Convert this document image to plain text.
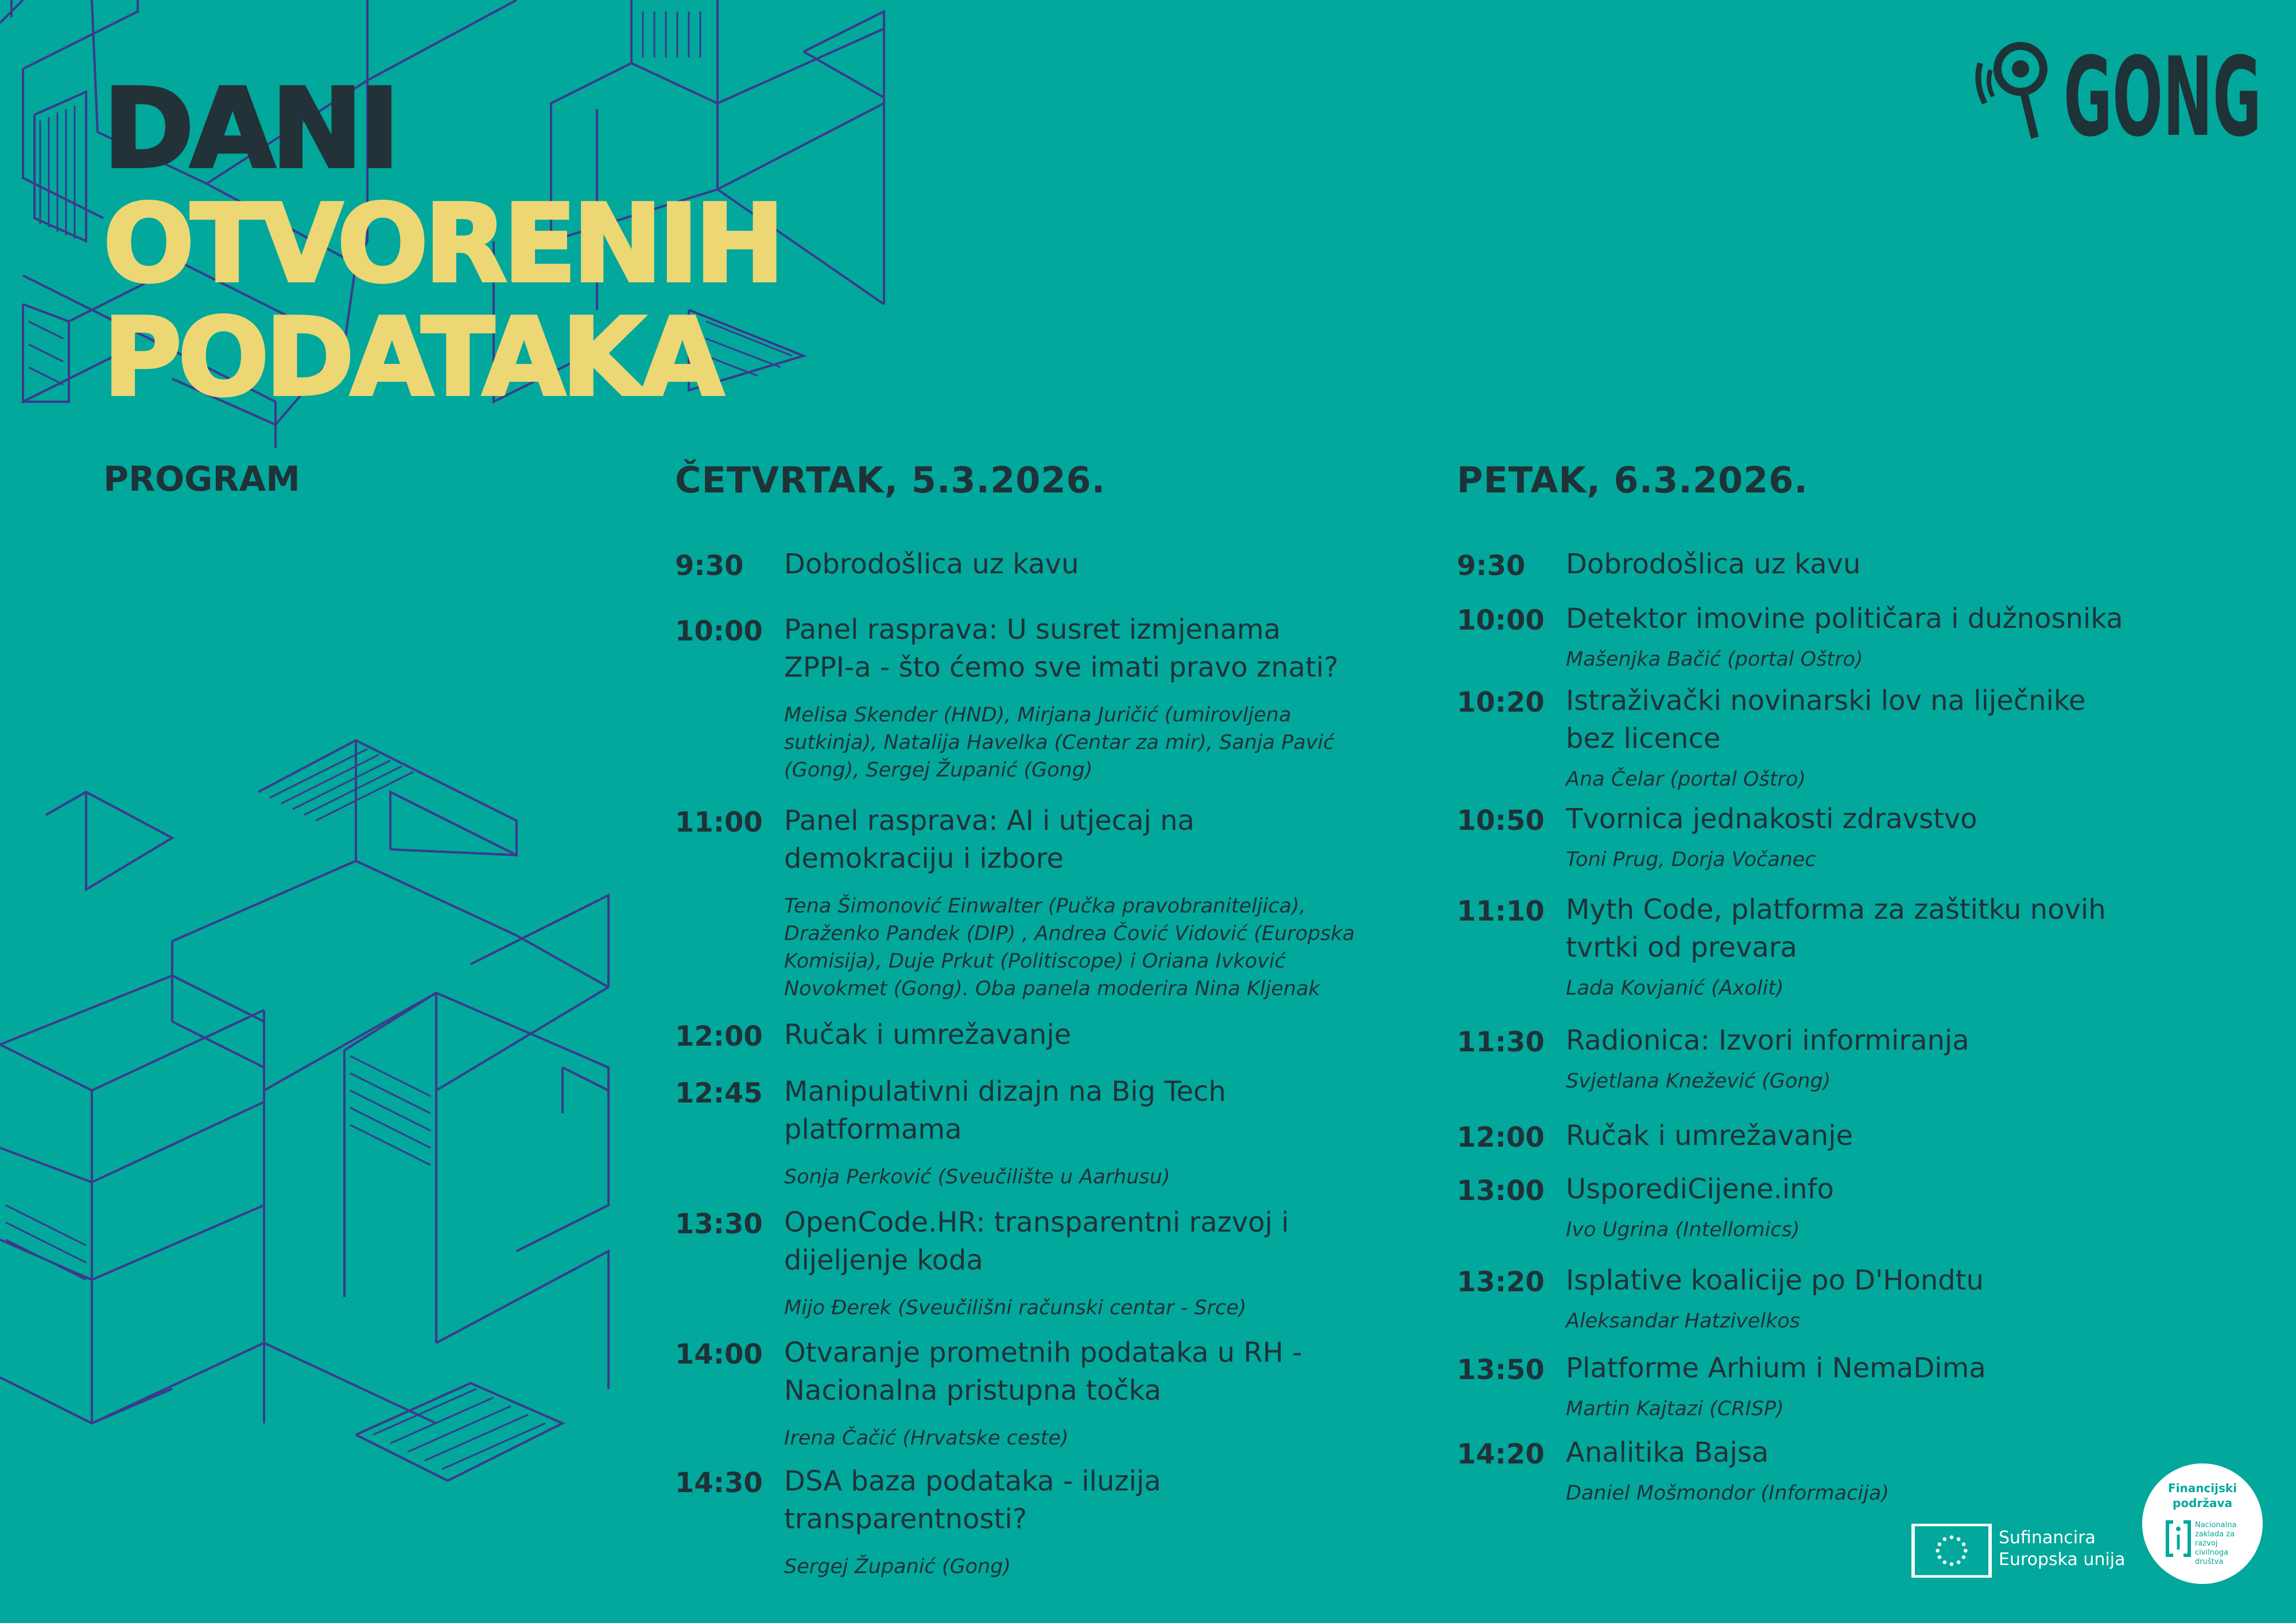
DANI
OTVORENIH
PODATAKA
PROGRAM
GONG
ČETVRTAK, 5.3.2026.
9:30 Dobrodošlica uz kavu
10:00 Panel rasprava: U susret izmjenama
ZPPI-a - što ćemo sve imati pravo znati?
Melisa Skender (HND), Mirjana Juričić (umirovljena
sutkinja), Natalija Havelka (Centar za mir), Sanja Pavić
(Gong), Sergej Županić (Gong)
11:00 Panel rasprava: AI i utjecaj na
demokraciju i izbore
Tena Šimonović Einwalter (Pučka pravobraniteljica),
Draženko Pandek (DIP) , Andrea Čović Vidović (Europska
Komisija), Duje Prkut (Politiscope) i Oriana Ivković
Novokmet (Gong). Oba panela moderira Nina Kljenak
12:00 Ručak i umrežavanje
12:45 Manipulativni dizajn na Big Tech
platformama
Sonja Perković (Sveučilište u Aarhusu)
13:30 OpenCode.HR: transparentni razvoj i
dijeljenje koda
Mijo Đerek (Sveučilišni računski centar - Srce)
14:00 Otvaranje prometnih podataka u RH -
Nacionalna pristupna točka
Irena Čačić (Hrvatske ceste)
14:30 DSA baza podataka - iluzija
transparentnosti?
Sergej Županić (Gong)
PETAK, 6.3.2026.
9:30 Dobrodošlica uz kavu
10:00 Detektor imovine političara i dužnosnika
Mašenjka Bačić (portal Oštro)
10:20 Istraživački novinarski lov na liječnike
bez licence
Ana Čelar (portal Oštro)
10:50 Tvornica jednakosti zdravstvo
Toni Prug, Dorja Vočanec
11:10 Myth Code, platforma za zaštitku novih
tvrtki od prevara
Lada Kovjanić (Axolit)
11:30 Radionica: Izvori informiranja
Svjetlana Knežević (Gong)
12:00 Ručak i umrežavanje
13:00 UsporediCijene.info
Ivo Ugrina (Intellomics)
13:20 Isplative koalicije po D'Hondtu
Aleksandar Hatzivelkos
13:50 Platforme Arhium i NemaDima
Martin Kajtazi (CRISP)
14:20 Analitika Bajsa
Daniel Mošmondor (Informacija)
Sufinancira
Europska unija
Financijski
podržava
Nacionalna
zaklada za
razvoj
civilnoga
društva
